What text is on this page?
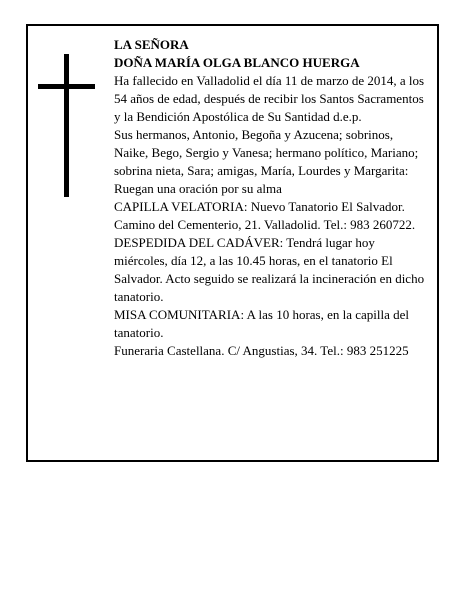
LA SEÑORA

DOÑA MARÍA OLGA BLANCO HUERGA

Ha fallecido en Valladolid el día 11 de marzo de 2014, a los 54 años de edad, después de recibir los Santos Sacramentos y la Bendición Apostólica de Su Santidad d.e.p.

Sus hermanos, Antonio, Begoña y Azucena; sobrinos, Naike, Bego, Sergio y Vanesa; hermano político, Mariano; sobrina nieta, Sara; amigas, María, Lourdes y Margarita:

Ruegan una oración por su alma

CAPILLA VELATORIA: Nuevo Tanatorio El Salvador. Camino del Cementerio, 21. Valladolid. Tel.: 983 260722.

DESPEDIDA DEL CADÁVER: Tendrá lugar hoy miércoles, día 12, a las 10.45 horas, en el tanatorio El Salvador. Acto seguido se realizará la incineración en dicho tanatorio.

MISA COMUNITARIA: A las 10 horas, en la capilla del tanatorio.

Funeraria Castellana. C/ Angustias, 34. Tel.: 983 251225
